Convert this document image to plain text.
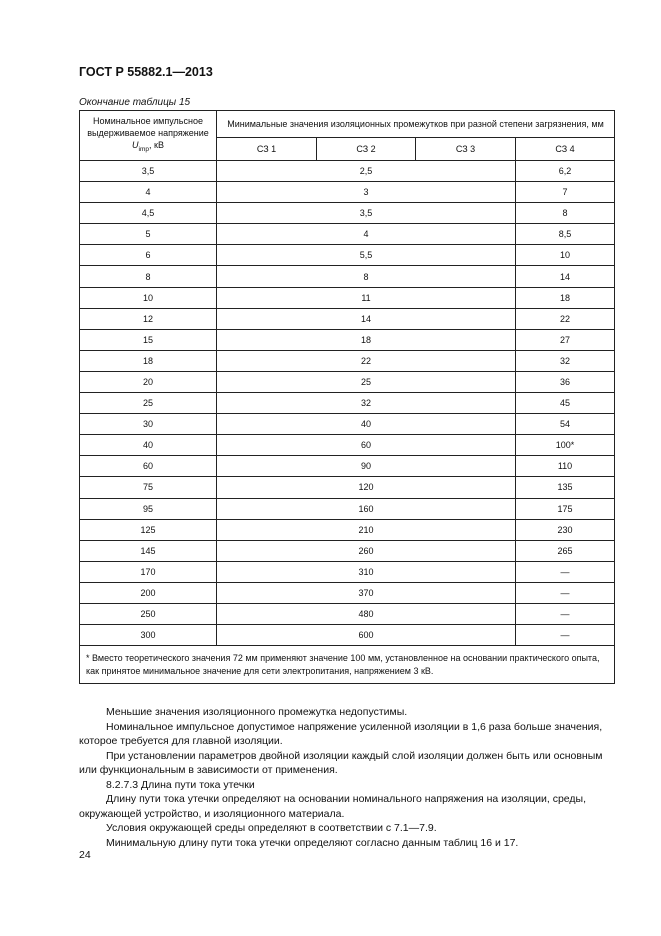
ГОСТ Р 55882.1—2013
Окончание таблицы 15
Номинальное импульсное
выдерживаемое напряжение
$U_{imp}$, кВ	Минимальные значения изоляционных промежутков при разной степени загрязнения, мм			
	СЗ 1	СЗ 2	СЗ 3	СЗ 4
3,5	2,5			6,2
4	3			7
4,5	3,5			8
5	4			8,5
6	5,5			10
8	8			14
10	11			18
12	14			22
15	18			27
18	22			32
20	25			36
25	32			45
30	40			54
40	60			100*
60	90			110
75	120			135
95	160			175
125	210			230
145	260			265
170	310			—
200	370			—
250	480			—
300	600			—
* Вместо теоретического значения 72 мм применяют значение 100 мм, установленное на основании практического опыта, как принятое минимальное значение для сети электропитания, напряжением 3 кВ.				

Меньшие значения изоляционного промежутка недопустимы.

Номинальное импульсное допустимое напряжение усиленной изоляции в 1,6 раза больше значения, которое требуется для главной изоляции.

При установлении параметров двойной изоляции каждый слой изоляции должен быть или основным или функциональным в зависимости от применения.

8.2.7.3 Длина пути тока утечки

Длину пути тока утечки определяют на основании номинального напряжения на изоляции, среды, окружающей устройство, и изоляционного материала.

Условия окружающей среды определяют в соответствии с 7.1—7.9.

Минимальную длину пути тока утечки определяют согласно данным таблиц 16 и 17.

24
